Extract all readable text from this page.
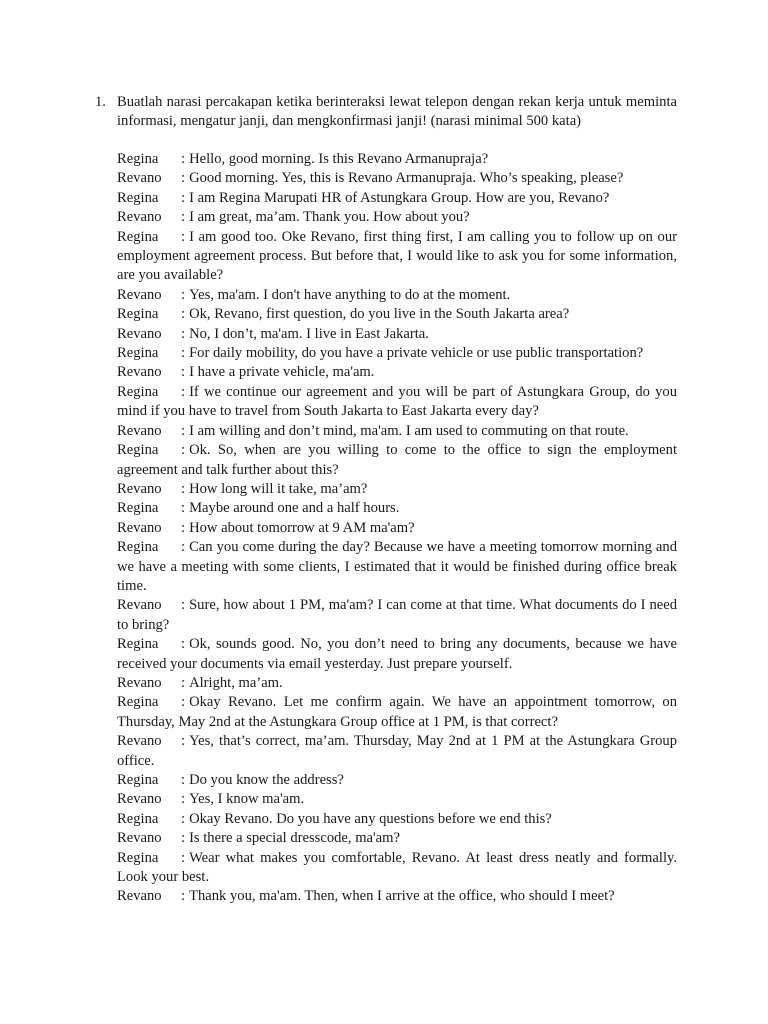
1. Buatlah narasi percakapan ketika berinteraksi lewat telepon dengan rekan kerja untuk meminta informasi, mengatur janji, dan mengkonfirmasi janji! (narasi minimal 500 kata)

Regina : Hello, good morning. Is this Revano Armanupraja?

Revano : Good morning. Yes, this is Revano Armanupraja. Who’s speaking, please?

Regina : I am Regina Marupati HR of Astungkara Group. How are you, Revano?

Revano : I am great, ma’am. Thank you. How about you?

Regina : I am good too. Oke Revano, first thing first, I am calling you to follow up on our employment agreement process. But before that, I would like to ask you for some information, are you available?

Revano : Yes, ma'am. I don't have anything to do at the moment.

Regina : Ok, Revano, first question, do you live in the South Jakarta area?

Revano : No, I don’t, ma'am. I live in East Jakarta.

Regina : For daily mobility, do you have a private vehicle or use public transportation?

Revano : I have a private vehicle, ma'am.

Regina : If we continue our agreement and you will be part of Astungkara Group, do you mind if you have to travel from South Jakarta to East Jakarta every day?

Revano : I am willing and don’t mind, ma'am. I am used to commuting on that route.

Regina : Ok. So, when are you willing to come to the office to sign the employment agreement and talk further about this?

Revano : How long will it take, ma’am?

Regina : Maybe around one and a half hours.

Revano : How about tomorrow at 9 AM ma'am?

Regina : Can you come during the day? Because we have a meeting tomorrow morning and we have a meeting with some clients, I estimated that it would be finished during office break time.

Revano : Sure, how about 1 PM, ma'am? I can come at that time. What documents do I need to bring?

Regina : Ok, sounds good. No, you don’t need to bring any documents, because we have received your documents via email yesterday. Just prepare yourself.

Revano : Alright, ma’am.

Regina : Okay Revano. Let me confirm again. We have an appointment tomorrow, on Thursday, May 2nd at the Astungkara Group office at 1 PM, is that correct?

Revano : Yes, that’s correct, ma’am. Thursday, May 2nd at 1 PM at the Astungkara Group office.

Regina : Do you know the address?

Revano : Yes, I know ma'am.

Regina : Okay Revano. Do you have any questions before we end this?

Revano : Is there a special dresscode, ma'am?

Regina : Wear what makes you comfortable, Revano. At least dress neatly and formally. Look your best.

Revano : Thank you, ma'am. Then, when I arrive at the office, who should I meet?
